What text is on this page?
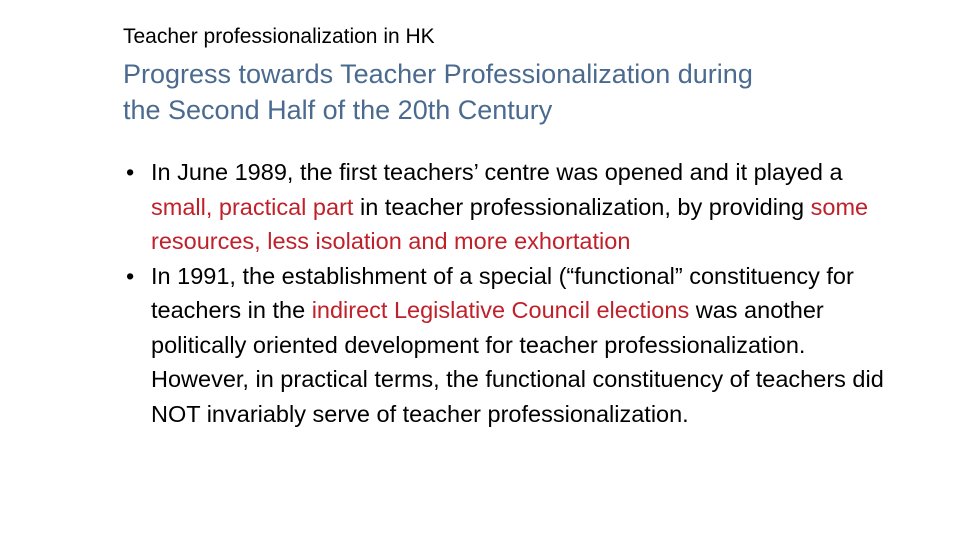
Teacher professionalization in HK
Progress towards Teacher Professionalization during
the Second Half of the 20th Century
• In June 1989, the first teachers’ centre was opened and it played a small, practical part in teacher professionalization, by providing some resources, less isolation and more exhortation
• In 1991, the establishment of a special (“functional” constituency for teachers in the indirect Legislative Council elections was another politically oriented development for teacher professionalization. However, in practical terms, the functional constituency of teachers did NOT invariably serve of teacher professionalization.
